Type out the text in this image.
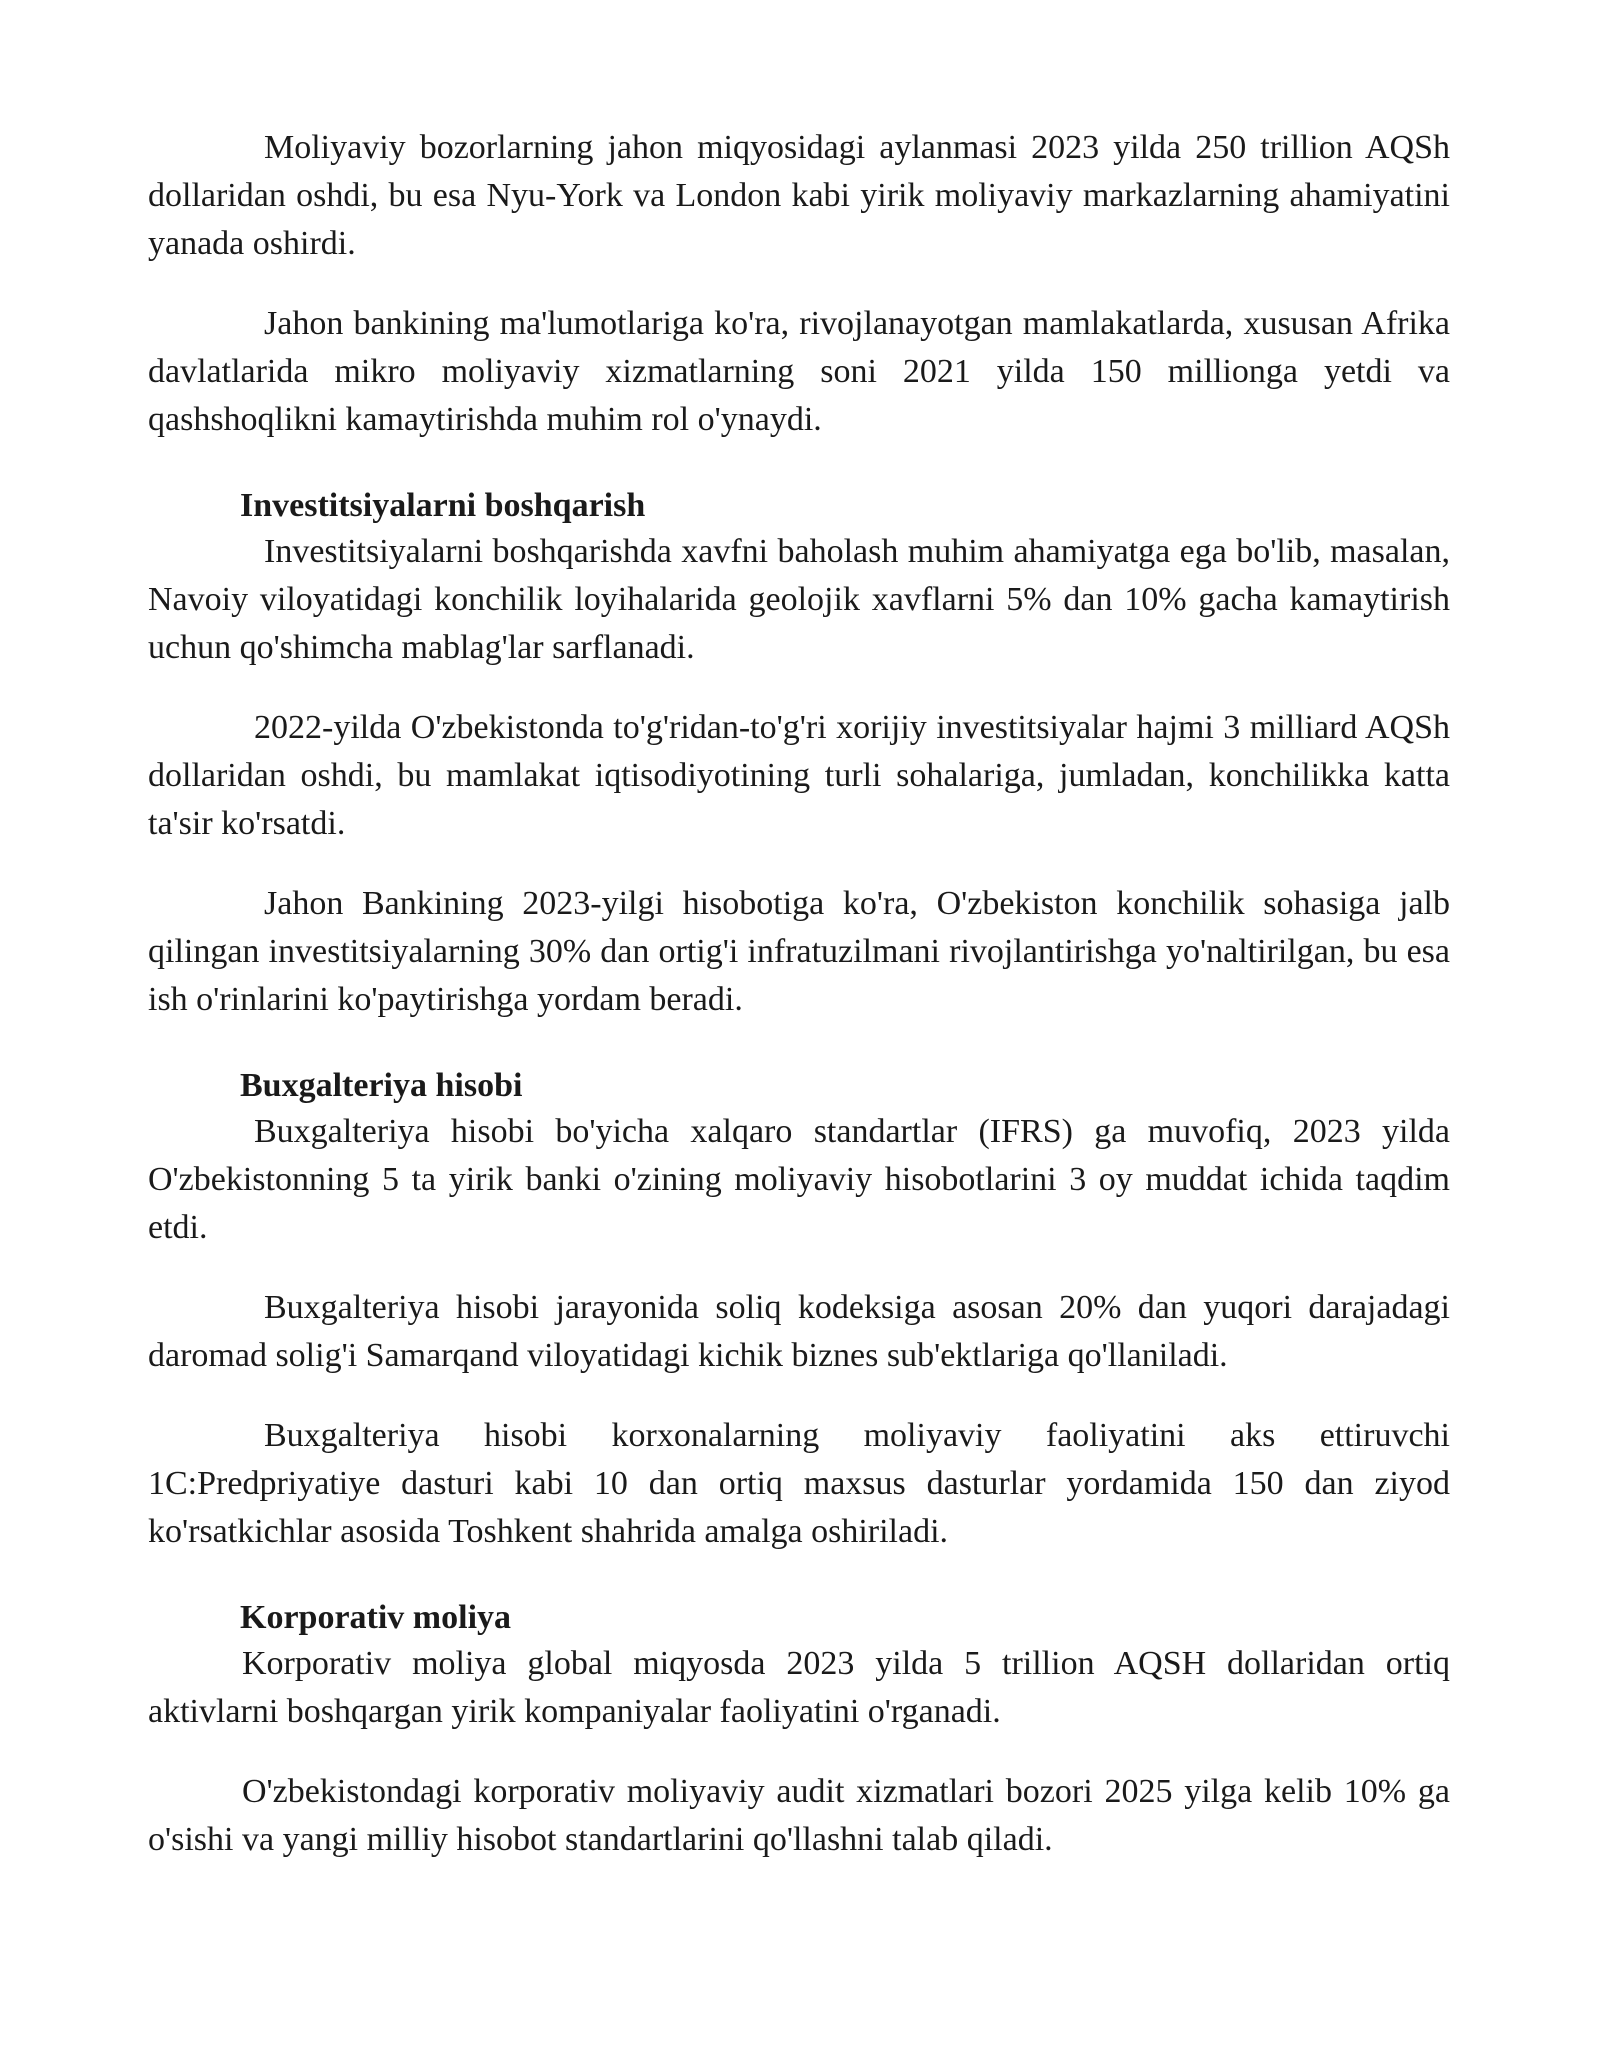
Moliyaviy bozorlarning jahon miqyosidagi aylanmasi 2023 yilda 250 trillion AQSh dollaridan oshdi, bu esa Nyu-York va London kabi yirik moliyaviy markazlarning ahamiyatini yanada oshirdi.

Jahon bankining ma'lumotlariga ko'ra, rivojlanayotgan mamlakatlarda, xususan Afrika davlatlarida mikro moliyaviy xizmatlarning soni 2021 yilda 150 millionga yetdi va qashshoqlikni kamaytirishda muhim rol o'ynaydi.

Investitsiyalarni boshqarish

Investitsiyalarni boshqarishda xavfni baholash muhim ahamiyatga ega bo'lib, masalan, Navoiy viloyatidagi konchilik loyihalarida geolojik xavflarni 5% dan 10% gacha kamaytirish uchun qo'shimcha mablag'lar sarflanadi.

2022-yilda O'zbekistonda to'g'ridan-to'g'ri xorijiy investitsiyalar hajmi 3 milliard AQSh dollaridan oshdi, bu mamlakat iqtisodiyotining turli sohalariga, jumladan, konchilikka katta ta'sir ko'rsatdi.

Jahon Bankining 2023-yilgi hisobotiga ko'ra, O'zbekiston konchilik sohasiga jalb qilingan investitsiyalarning 30% dan ortig'i infratuzilmani rivojlantirishga yo'naltirilgan, bu esa ish o'rinlarini ko'paytirishga yordam beradi.

Buxgalteriya hisobi

Buxgalteriya hisobi bo'yicha xalqaro standartlar (IFRS) ga muvofiq, 2023 yilda O'zbekistonning 5 ta yirik banki o'zining moliyaviy hisobotlarini 3 oy muddat ichida taqdim etdi.

Buxgalteriya hisobi jarayonida soliq kodeksiga asosan 20% dan yuqori darajadagi daromad solig'i Samarqand viloyatidagi kichik biznes sub'ektlariga qo'llaniladi.

Buxgalteriya hisobi korxonalarning moliyaviy faoliyatini aks ettiruvchi 1C:Predpriyatiye dasturi kabi 10 dan ortiq maxsus dasturlar yordamida 150 dan ziyod ko'rsatkichlar asosida Toshkent shahrida amalga oshiriladi.

Korporativ moliya

Korporativ moliya global miqyosda 2023 yilda 5 trillion AQSH dollaridan ortiq aktivlarni boshqargan yirik kompaniyalar faoliyatini o'rganadi.

O'zbekistondagi korporativ moliyaviy audit xizmatlari bozori 2025 yilga kelib 10% ga o'sishi va yangi milliy hisobot standartlarini qo'llashni talab qiladi.
